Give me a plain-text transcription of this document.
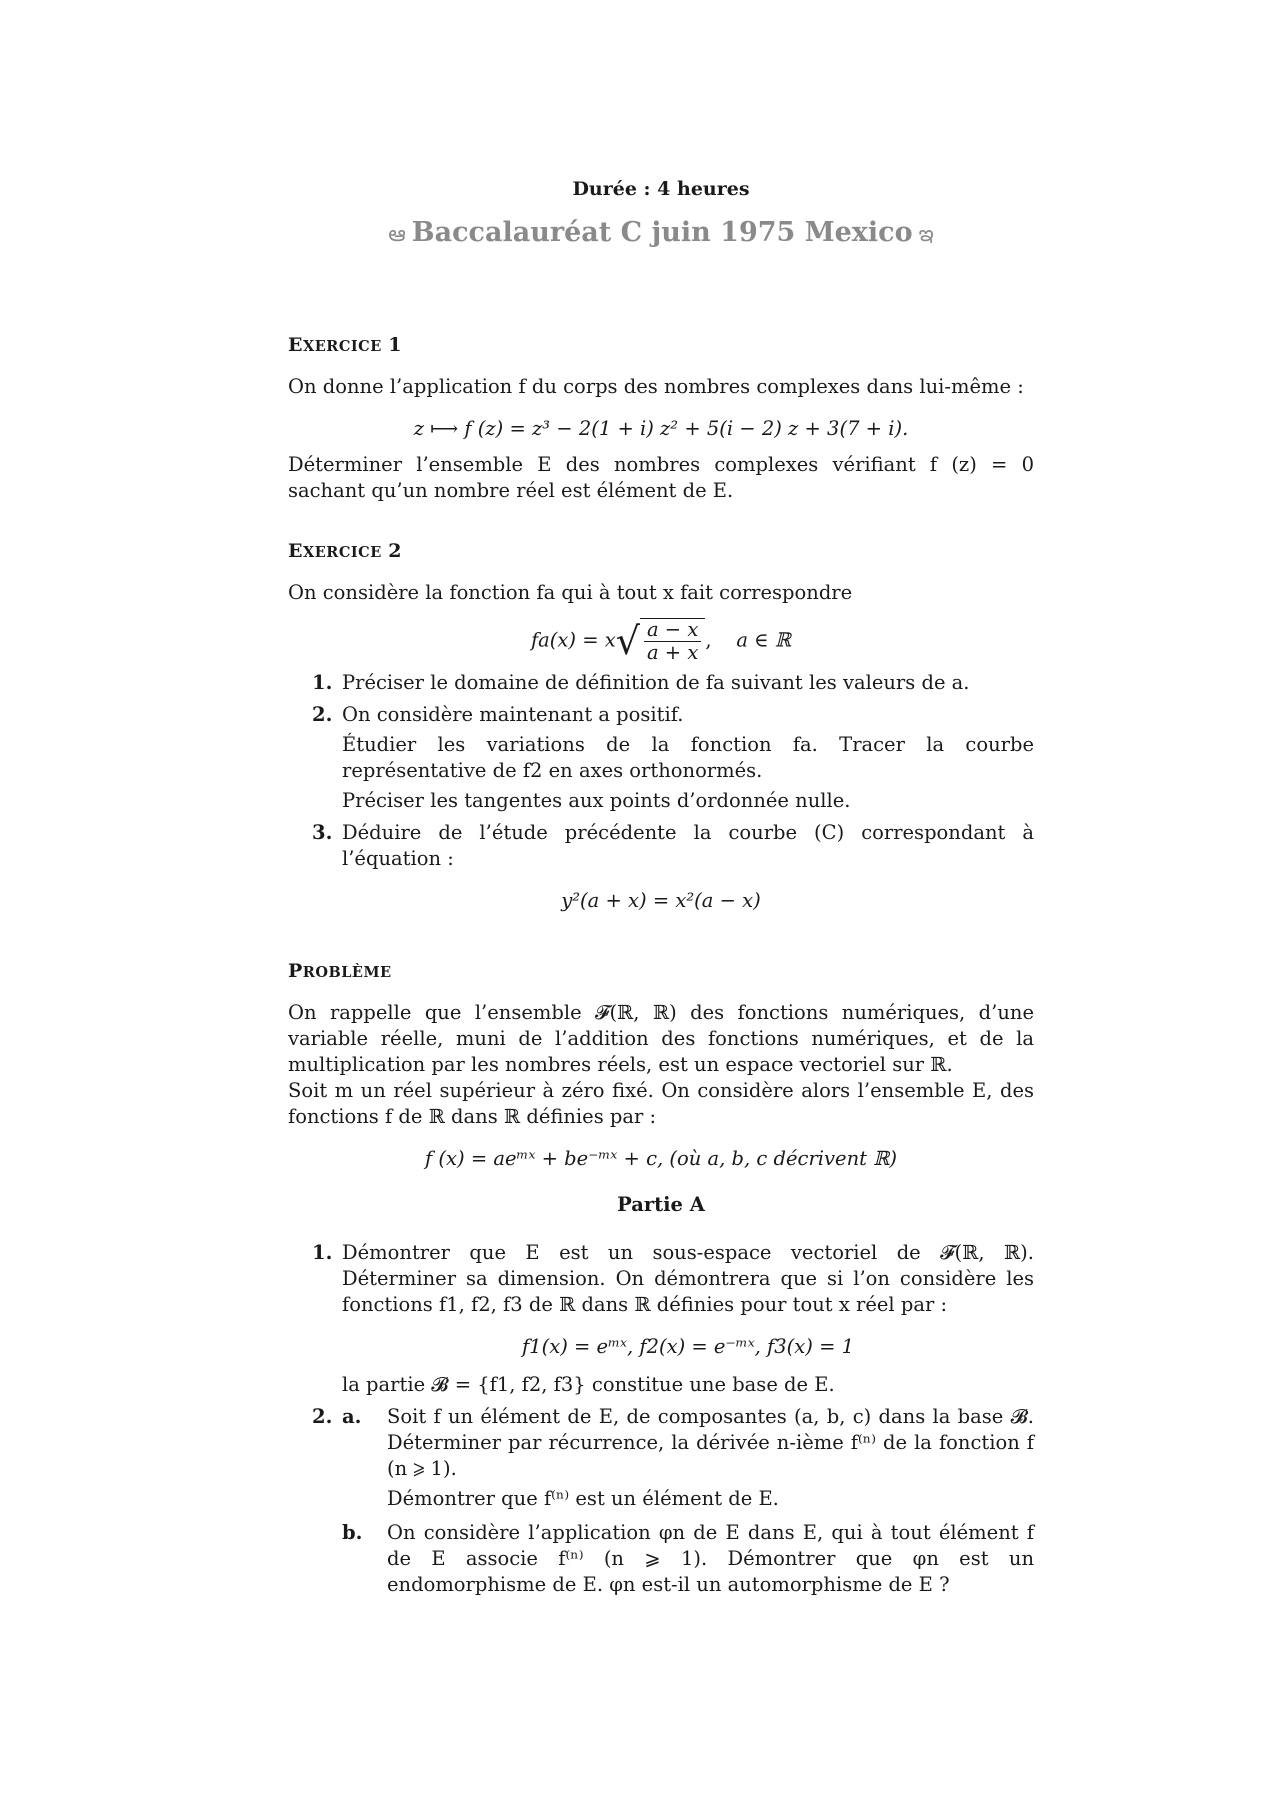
Durée : 4 heures
ఆ Baccalauréat C juin 1975 Mexico ఇ
EXERCICE 1

On donne l’application f du corps des nombres complexes dans lui-même :

z ⟼ f (z) = z³ − 2(1 + i) z² + 5(i − 2) z + 3(7 + i).

Déterminer l’ensemble E des nombres complexes vérifiant f (z) = 0 sachant qu’un nombre réel est élément de E.

EXERCICE 2

On considère la fonction fa qui à tout x fait correspondre

$fa(x) = x√ \frac{a - x}{a + x}$ ,    a ∈ ℝ
1. Préciser le domaine de définition de fa suivant les valeurs de a.

2. On considère maintenant a positif.

Étudier les variations de la fonction fa. Tracer la courbe représentative de f2 en axes orthonormés.

Préciser les tangentes aux points d’ordonnée nulle.

3. Déduire de l’étude précédente la courbe (C) correspondant à l’équation :

y²(a + x) = x²(a − x)
PROBLÈME

On rappelle que l’ensemble 𝓕(ℝ, ℝ) des fonctions numériques, d’une variable réelle, muni de l’addition des fonctions numériques, et de la multiplication par les nombres réels, est un espace vectoriel sur ℝ.

Soit m un réel supérieur à zéro fixé. On considère alors l’ensemble E, des fonctions f de ℝ dans ℝ définies par :

f (x) = aeᵐˣ + be⁻ᵐˣ + c, (où a, b, c décrivent ℝ)
Partie A
1. Démontrer que E est un sous-espace vectoriel de 𝓕(ℝ, ℝ). Déterminer sa dimension. On démontrera que si l’on considère les fonctions f1, f2, f3 de ℝ dans ℝ définies pour tout x réel par :

f1(x) = eᵐˣ, f2(x) = e⁻ᵐˣ, f3(x) = 1

la partie 𝓑 = {f1, f2, f3} constitue une base de E.

2. a. Soit f un élément de E, de composantes (a, b, c) dans la base 𝓑. Déterminer par récurrence, la dérivée n-ième f⁽ⁿ⁾ de la fonction f (n ⩾ 1).

Démontrer que f⁽ⁿ⁾ est un élément de E.

b. On considère l’application φn de E dans E, qui à tout élément f de E associe f⁽ⁿ⁾ (n ⩾ 1). Démontrer que φn est un endomorphisme de E. φn est-il un automorphisme de E ?
